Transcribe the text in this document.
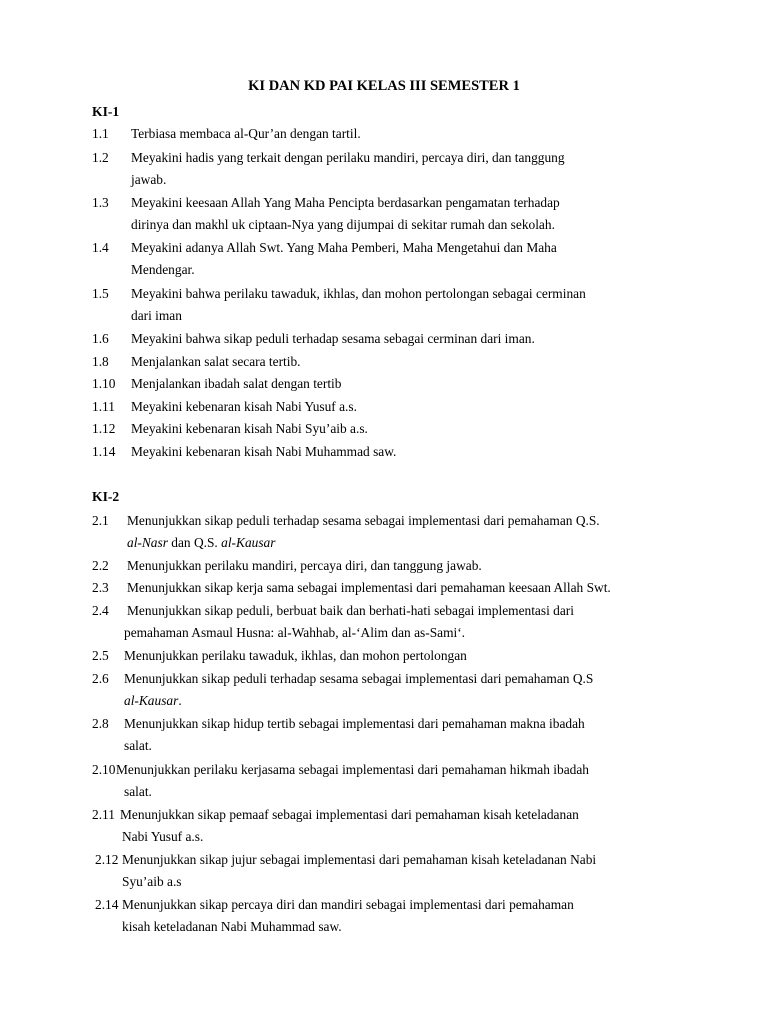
KI DAN KD PAI KELAS III SEMESTER 1
KI-1
1.1 Terbiasa membaca al-Qur’an dengan tartil.
1.2 Meyakini hadis yang terkait dengan perilaku mandiri, percaya diri, dan tanggung
jawab.
1.3 Meyakini keesaan Allah Yang Maha Pencipta berdasarkan pengamatan terhadap
dirinya dan makhl uk ciptaan-Nya yang dijumpai di sekitar rumah dan sekolah.
1.4 Meyakini adanya Allah Swt. Yang Maha Pemberi, Maha Mengetahui dan Maha
Mendengar.
1.5 Meyakini bahwa perilaku tawaduk, ikhlas, dan mohon pertolongan sebagai cerminan
dari iman
1.6 Meyakini bahwa sikap peduli terhadap sesama sebagai cerminan dari iman.
1.8 Menjalankan salat secara tertib.
1.10 Menjalankan ibadah salat dengan tertib
1.11 Meyakini kebenaran kisah Nabi Yusuf a.s.
1.12 Meyakini kebenaran kisah Nabi Syu’aib a.s.
1.14 Meyakini kebenaran kisah Nabi Muhammad saw.
KI-2
2.1 Menunjukkan sikap peduli terhadap sesama sebagai implementasi dari pemahaman Q.S.
al-Nasr dan Q.S. al-Kausar
2.2 Menunjukkan perilaku mandiri, percaya diri, dan tanggung jawab.
2.3 Menunjukkan sikap kerja sama sebagai implementasi dari pemahaman keesaan Allah Swt.
2.4 Menunjukkan sikap peduli, berbuat baik dan berhati-hati sebagai implementasi dari
pemahaman Asmaul Husna: al-Wahhab, al-‘Alim dan as-Sami‘.
2.5 Menunjukkan perilaku tawaduk, ikhlas, dan mohon pertolongan
2.6 Menunjukkan sikap peduli terhadap sesama sebagai implementasi dari pemahaman Q.S
al-Kausar.
2.8 Menunjukkan sikap hidup tertib sebagai implementasi dari pemahaman makna ibadah
salat.
2.10 Menunjukkan perilaku kerjasama sebagai implementasi dari pemahaman hikmah ibadah
salat.
2.11 Menunjukkan sikap pemaaf sebagai implementasi dari pemahaman kisah keteladanan
Nabi Yusuf a.s.
2.12 Menunjukkan sikap jujur sebagai implementasi dari pemahaman kisah keteladanan Nabi
Syu’aib a.s
2.14 Menunjukkan sikap percaya diri dan mandiri sebagai implementasi dari pemahaman
kisah keteladanan Nabi Muhammad saw.
